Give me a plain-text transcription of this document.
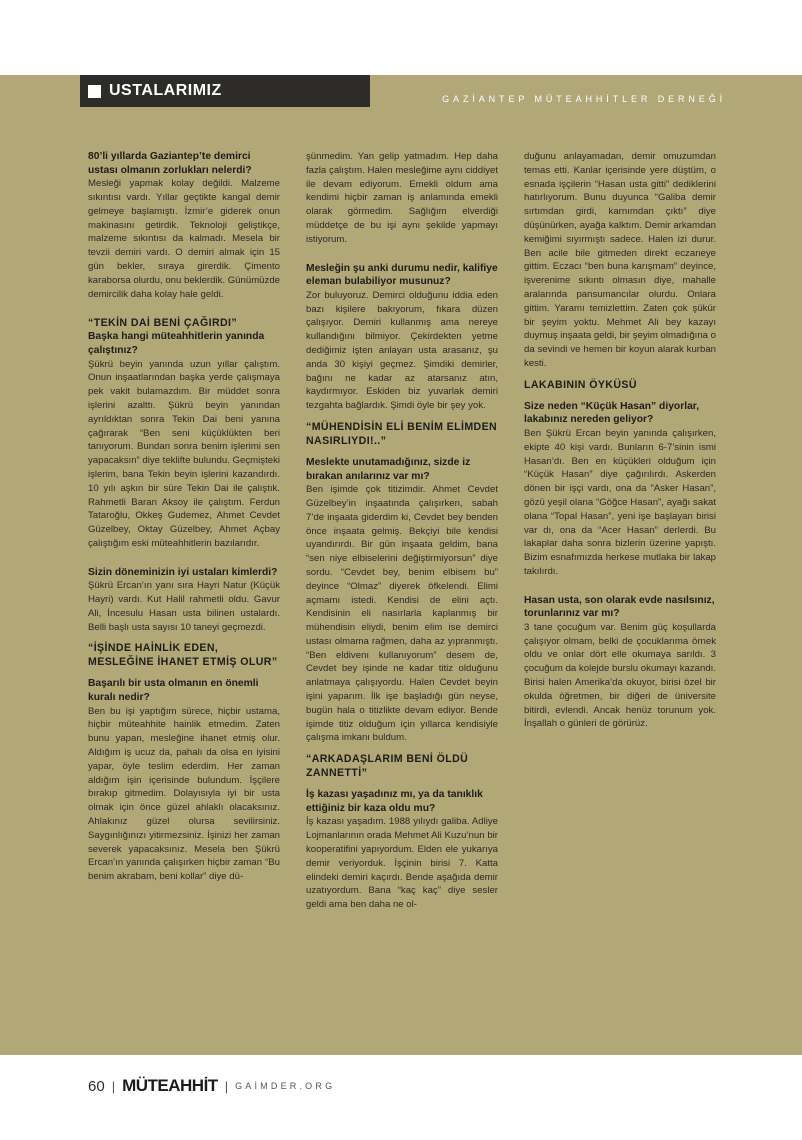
USTALARIMIZ	GAZİANTEP MÜTEAHHİTLER DERNEĞİ
80’li yıllarda Gaziantep’te demirci ustası olmanın zorlukları nelerdi?

Mesleği yapmak kolay değildi. Malzeme sıkıntısı vardı. Yıllar geçtikte kangal demir gelmeye başlamıştı. İzmir’e giderek onun makinasını getirdik. Teknoloji geliştikçe, malzeme sıkıntısı da kalmadı. Mesela bir tevzii demiri vardı. O demiri almak için 15 gün bekler, sıraya girerdik. Çimento karaborsa olurdu, onu beklerdik. Günümüzde demircilik daha kolay hale geldi.

“TEKİN DAİ BENİ ÇAĞIRDI”
Başka hangi müteahhitlerin yanında çalıştınız?

Şükrü beyin yanında uzun yıllar çalıştım. Onun inşaatlarından başka yerde çalışmaya pek vakit bulamazdım. Bir müddet sonra işlerini azalttı. Şükrü beyin yanından ayrıldıktan sonra Tekin Dai beni yanına çağırarak “Ben seni küçüklükten beri tanıyorum. Bundan sonra benim işlerimi sen yapacaksın” diye teklifte bulundu. Geçmişteki işlerim, bana Tekin beyin işlerini kazandırdı. 10 yılı aşkın bir süre Tekin Dai ile çalıştık. Rahmetli Baran Aksoy ile çalıştım. Ferdun Tataroğlu, Okkeş Gudemez, Ahmet Cevdet Güzelbey, Oktay Güzelbey, Ahmet Açbay çalıştığım eski müteahhitlerin bazılarıdır.

Sizin döneminizin iyi ustaları kimlerdi?

Şükrü Ercan’ın yanı sıra Hayri Natur (Küçük Hayri) vardı. Kut Halil rahmetli oldu. Gavur Ali, İncesulu Hasan usta bilinen ustalardı. Belli başlı usta sayısı 10 taneyi geçmezdi.

“İŞİNDE HAİNLİK EDEN, MESLEĞİNE İHANET ETMİŞ OLUR”
Başarılı bir usta olmanın en önemli kuralı nedir?

Ben bu işi yaptığım sürece, hiçbir ustama, hiçbir müteahhite hainlik etmedim. Zaten bunu yapan, mesleğine ihanet etmiş olur. Aldığım iş ucuz da, pahalı da olsa en iyisini yapar, öyle teslim ederdim. Her zaman aldığım işin içerisinde bulundum. İşçilere bırakıp gitmedim. Dolayısıyla iyi bir usta olmak için önce güzel ahlaklı olacaksınız. Ahlakınız güzel olursa sevilirsiniz. Saygınlığınızı yitirmezsiniz. İşinizi her zaman severek yapacaksınız. Mesela ben Şükrü Ercan’ın yanında çalışırken hiçbir zaman “Bu benim akrabam, beni kollar” diye dü-

şünmedim. Yan gelip yatmadım. Hep daha fazla çalıştım. Halen mesleğime aynı ciddiyet ile devam ediyorum. Emekli oldum ama kendimi hiçbir zaman iş anlamında emekli olarak görmedim. Sağlığım elverdiği müddetçe de bu işi aynı şekilde yapmayı istiyorum.

Mesleğin şu anki durumu nedir, kalifiye eleman bulabiliyor musunuz?

Zor buluyoruz. Demirci olduğunu iddia eden bazı kişilere bakıyorum, fıkara düzen çalışıyor. Demiri kullanmış ama nereye kullandığını bilmiyor. Çekirdekten yetme dediğimiz işten anlayan usta arasanız, şu anda 30 kişiyi geçmez. Şimdiki demirler, bağını ne kadar az atarsanız atın, kaydırmıyor. Eskiden biz yuvarlak demiri tezgahta bağlardık. Şimdi öyle bir şey yok.

“MÜHENDİSİN ELİ BENİM ELİMDEN NASIRLIYDI!..”
Meslekte unutamadığınız, sizde iz bırakan anılarınız var mı?

Ben işimde çok titizimdir. Ahmet Cevdet Güzelbey’in inşaatında çalışırken, sabah 7’de inşaata giderdim ki, Cevdet bey benden önce inşaata gelmiş. Bekçiyi bile kendisi uyandırırdı. Bir gün inşaata geldim, bana “sen niye elbiselerini değiştirmiyorsun” diye sordu. “Cevdet bey, benim elbisem bu” deyince “Olmaz” diyerek öfkelendi. Elimi açmamı istedi. Kendisi de elini açtı. Kendisinin eli nasırlarla kaplanmış bir mühendisin eliydi, benim elim ise demirci ustası olmama rağmen, daha az yıpranmıştı. “Ben eldivenı kullanıyorum” desem de, Cevdet bey işinde ne kadar titiz olduğunu anlatmaya çalışıyordu. Halen Cevdet beyin işini yaparım. İlk işe başladığı gün neyse, bugün hala o titizlikte devam ediyor. Bende işimde titiz olduğum için yıllarca kendisiyle çalışma imkanı buldum.

“ARKADAŞLARIM BENİ ÖLDÜ ZANNETTİ”
İş kazası yaşadınız mı, ya da tanıklık ettiğiniz bir kaza oldu mu?

İş kazası yaşadım. 1988 yılıydı galiba. Adliye Lojmanlarının orada Mehmet Ali Kuzu’nun bir kooperatifini yapıyordum. Elden ele yukarıya demir veriyorduk. İşçinin birisi 7. Katta elindeki demiri kaçırdı. Bende aşağıda demir uzatıyordum. Bana “kaç kaç” diye sesler geldi ama ben daha ne ol-

duğunu anlayamadan, demir omuzumdan temas etti. Kanlar içerisinde yere düştüm, o esnada işçilerin “Hasan usta gitti” dediklerini hatırlıyorum. Bunu duyunca “Galiba demir sırtımdan girdi, karnımdan çıktı” diye düşünürken, ayağa kalktım. Demir arkamdan kemiğimi sıyırmıştı sadece. Halen izi durur. Ben acile bile gitmeden direkt eczaneye gittim. Eczacı “ben buna karışmam” deyince, işverenime sıkıntı olmasın diye, mahalle aralarında pansumancılar olurdu. Onlara gittim. Yaramı temizlettim. Zaten çok şükür bir şeyim yoktu. Mehmet Ali bey kazayı duymuş inşaata geldi, bir şeyim olmadığına o da sevindi ve hemen bir koyun alarak kurban kesti.

LAKABININ ÖYKÜSÜ
Size neden “Küçük Hasan” diyorlar, lakabınız nereden geliyor?

Ben Şükrü Ercan beyin yanında çalışırken, ekipte 40 kişi vardı. Bunların 6-7’sinin ismi Hasan’dı. Ben en küçükleri olduğum için “Küçük Hasan” diye çağırılırdı. Askerden dönen bir işçi vardı, ona da “Asker Hasan”, gözü yeşil olana “Göğce Hasan”, ayağı sakat olana “Topal Hasan”, yeni işe başlayan birisi var dı, ona da “Acer Hasan” derlerdi. Bu lakaplar daha sonra bizlerin üzerine yapıştı. Bizim esnafımızda herkese mutlaka bir lakap takılırdı.

Hasan usta, son olarak evde nasılsınız, torunlarınız var mı?

3 tane çocuğum var. Benim güç koşullarda çalışıyor olmam, belki de çocuklarıma örnek oldu ve onlar dört elle okumaya sarıldı. 3 çocuğum da kolejde burslu okumayı kazandı. Birisi halen Amerika’da okuyor, birisi özel bir okulda öğretmen, bir diğeri de üniversite bitirdi, evlendi. Ancak henüz torunum yok. İnşallah o günleri de görürüz.

60 | MÜTEAHHİT | GAİMDER.ORG
